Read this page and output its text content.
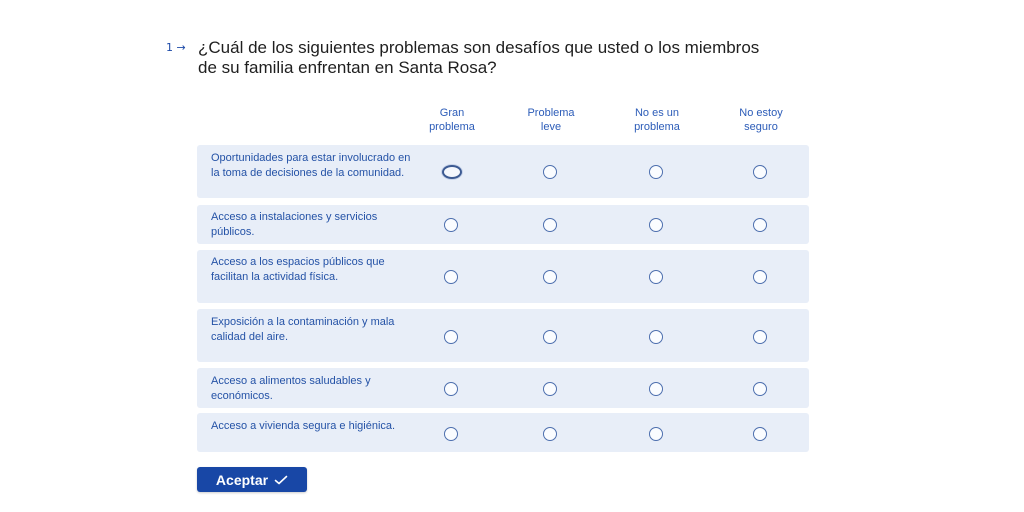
1 → ¿Cuál de los siguientes problemas son desafíos que usted o los miembros de su familia enfrentan en Santa Rosa?
Gran
problema
Problema
leve
No es un
problema
No estoy
seguro
Oportunidades para estar involucrado en la toma de decisiones de la comunidad.
Acceso a instalaciones y servicios públicos.
Acceso a los espacios públicos que facilitan la actividad física.
Exposición a la contaminación y mala calidad del aire.
Acceso a alimentos saludables y económicos.
Acceso a vivienda segura e higiénica.
Aceptar
